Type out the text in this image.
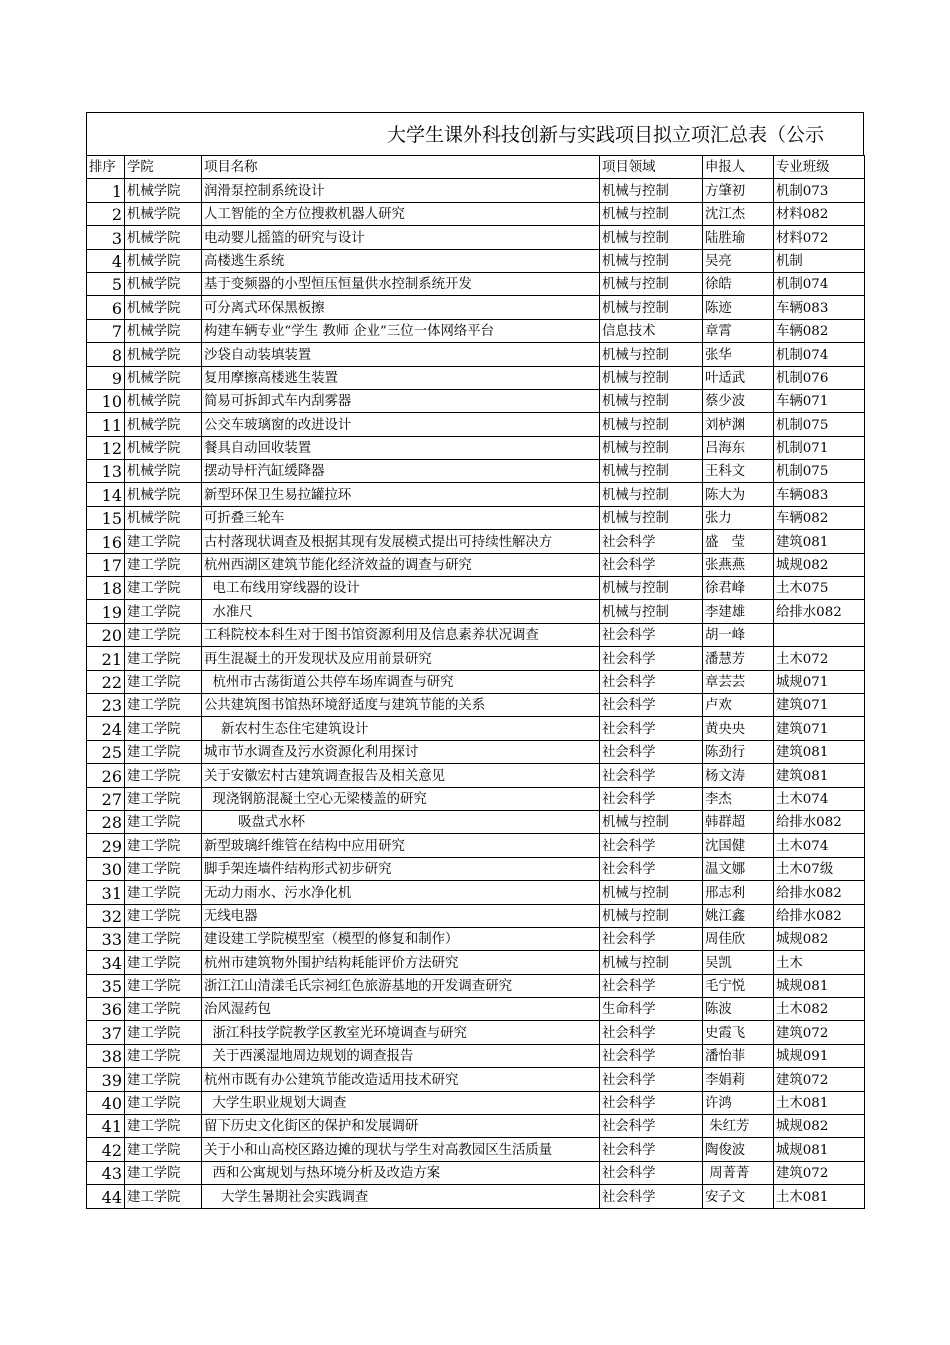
大学生课外科技创新与实践项目拟立项汇总表（公示
排序	学院	项目名称	项目领域	申报人	专业班级
1	机械学院	润滑泵控制系统设计	机械与控制	方肇初	机制073
2	机械学院	人工智能的全方位搜救机器人研究	机械与控制	沈江杰	材料082
3	机械学院	电动婴儿摇篮的研究与设计	机械与控制	陆胜瑜	材料072
4	机械学院	高楼逃生系统	机械与控制	吴亮	机制
5	机械学院	基于变频器的小型恒压恒量供水控制系统开发	机械与控制	徐皓	机制074
6	机械学院	可分离式环保黑板擦	机械与控制	陈迹	车辆083
7	机械学院	构建车辆专业“学生 教师 企业”三位一体网络平台	信息技术	章霄	车辆082
8	机械学院	沙袋自动装填装置	机械与控制	张华	机制074
9	机械学院	复用摩擦高楼逃生装置	机械与控制	叶适武	机制076
10	机械学院	简易可拆卸式车内刮雾器	机械与控制	蔡少波	车辆071
11	机械学院	公交车玻璃窗的改进设计	机械与控制	刘栌渊	机制075
12	机械学院	餐具自动回收装置	机械与控制	吕海东	机制071
13	机械学院	摆动导杆汽缸缓降器	机械与控制	王科文	机制075
14	机械学院	新型环保卫生易拉罐拉环	机械与控制	陈大为	车辆083
15	机械学院	可折叠三轮车	机械与控制	张力	车辆082
16	建工学院	古村落现状调查及根据其现有发展模式提出可持续性解决方	社会科学	盛　莹	建筑081
17	建工学院	杭州西湖区建筑节能化经济效益的调查与研究	社会科学	张燕燕	城规082
18	建工学院	电工布线用穿线器的设计	机械与控制	徐君峰	土木075
19	建工学院	水准尺	机械与控制	李建雄	给排水082
20	建工学院	工科院校本科生对于图书馆资源利用及信息素养状况调查	社会科学	胡一峰	
21	建工学院	再生混凝土的开发现状及应用前景研究	社会科学	潘慧芳	土木072
22	建工学院	杭州市古荡街道公共停车场库调查与研究	社会科学	章芸芸	城规071
23	建工学院	公共建筑图书馆热环境舒适度与建筑节能的关系	社会科学	卢欢	建筑071
24	建工学院	新农村生态住宅建筑设计	社会科学	黄央央	建筑071
25	建工学院	城市节水调查及污水资源化利用探讨	社会科学	陈劲行	建筑081
26	建工学院	关于安徽宏村古建筑调查报告及相关意见	社会科学	杨文涛	建筑081
27	建工学院	现浇钢筋混凝土空心无梁楼盖的研究	社会科学	李杰	土木074
28	建工学院	吸盘式水杯	机械与控制	韩群超	给排水082
29	建工学院	新型玻璃纤维管在结构中应用研究	社会科学	沈国健	土木074
30	建工学院	脚手架连墙件结构形式初步研究	社会科学	温文娜	土木07级
31	建工学院	无动力雨水、污水净化机	机械与控制	邢志利	给排水082
32	建工学院	无线电器	机械与控制	姚江鑫	给排水082
33	建工学院	建设建工学院模型室（模型的修复和制作）	社会科学	周佳欣	城规082
34	建工学院	杭州市建筑物外围护结构耗能评价方法研究	机械与控制	吴凯	土木
35	建工学院	浙江江山清漾毛氏宗祠红色旅游基地的开发调查研究	社会科学	毛宁悦	城规081
36	建工学院	治风湿药包	生命科学	陈波	土木082
37	建工学院	浙江科技学院教学区教室光环境调查与研究	社会科学	史霞飞	建筑072
38	建工学院	关于西溪湿地周边规划的调查报告	社会科学	潘怡菲	城规091
39	建工学院	杭州市既有办公建筑节能改造适用技术研究	社会科学	李娟莉	建筑072
40	建工学院	大学生职业规划大调查	社会科学	许鸿	土木081
41	建工学院	留下历史文化街区的保护和发展调研	社会科学	朱红芳	城规082
42	建工学院	关于小和山高校区路边摊的现状与学生对高教园区生活质量	社会科学	陶俊波	城规081
43	建工学院	西和公寓规划与热环境分析及改造方案	社会科学	周菁菁	建筑072
44	建工学院	大学生暑期社会实践调查	社会科学	安子文	土木081
